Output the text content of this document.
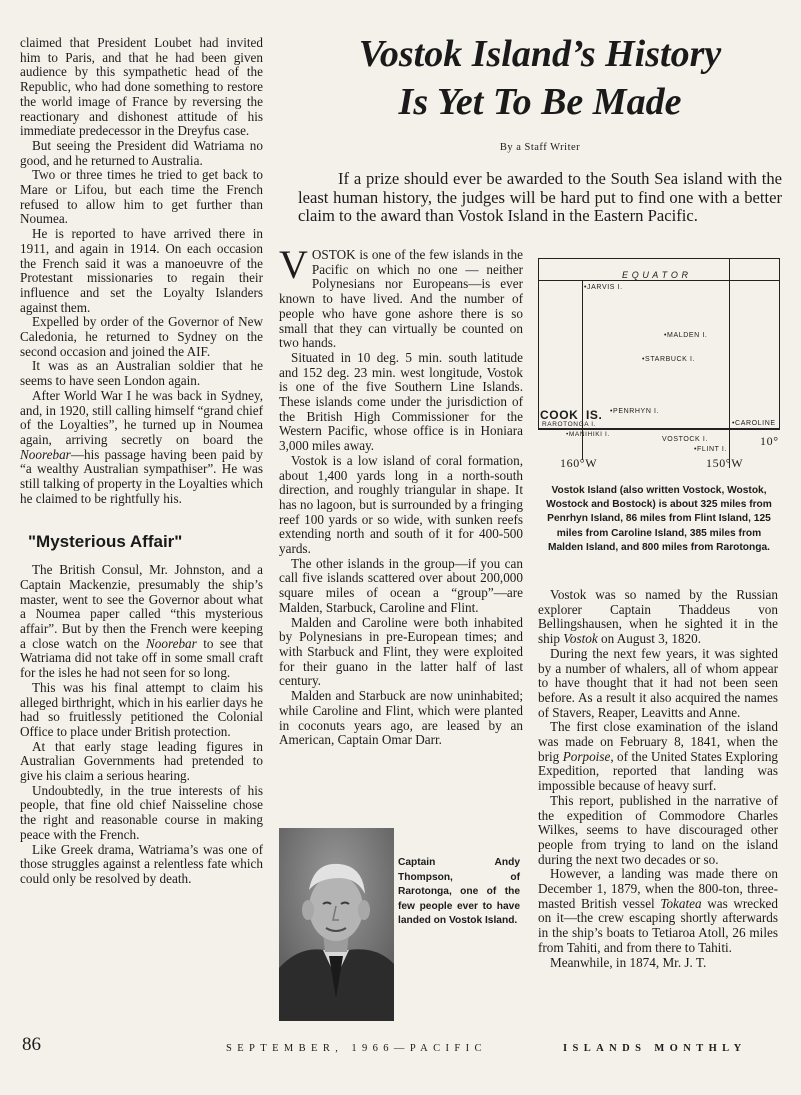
claimed that President Loubet had invited him to Paris, and that he had been given audience by this sympathetic head of the Republic, who had done something to restore the world image of France by reversing the reactionary and dishonest attitude of his immediate predecessor in the Dreyfus case.

But seeing the President did Watriama no good, and he returned to Australia.

Two or three times he tried to get back to Mare or Lifou, but each time the French refused to allow him to get further than Noumea.

He is reported to have arrived there in 1911, and again in 1914. On each occasion the French said it was a manoeuvre of the Protestant missionaries to regain their influence and set the Loyalty Islanders against them.

Expelled by order of the Governor of New Caledonia, he returned to Sydney on the second occasion and joined the AIF.

It was as an Australian soldier that he seems to have seen London again.

After World War I he was back in Sydney, and, in 1920, still calling himself “grand chief of the Loyalties”, he turned up in Noumea again, arriving secretly on board the Noorebar—his passage having been paid by “a wealthy Australian sympathiser”. He was still talking of property in the Loyalties which he claimed to be rightfully his.

"Mysterious Affair"

The British Consul, Mr. Johnston, and a Captain Mackenzie, presumably the ship’s master, went to see the Governor about what a Noumea paper called “this mysterious affair”. But by then the French were keeping a close watch on the Noorebar to see that Watriama did not take off in some small craft for the isles he had not seen for so long.

This was his final attempt to claim his alleged birthright, which in his earlier days he had so fruitlessly petitioned the Colonial Office to place under British protection.

At that early stage leading figures in Australian Governments had pretended to give his claim a serious hearing.

Undoubtedly, in the true interests of his people, that fine old chief Naisseline chose the right and reasonable course in making peace with the French.

Like Greek drama, Watriama’s was one of those struggles against a relentless fate which could only be resolved by death.

Vostok Island’s History
Is Yet To Be Made
By a Staff Writer

If a prize should ever be awarded to the South Sea island with the least human history, the judges will be hard put to find one with a better claim to the award than Vostok Island in the Eastern Pacific.

VOSTOK is one of the few islands in the Pacific on which no one — neither Polynesians nor Europeans—is ever known to have lived. And the number of people who have gone ashore there is so small that they can virtually be counted on two hands.

Situated in 10 deg. 5 min. south latitude and 152 deg. 23 min. west longitude, Vostok is one of the five Southern Line Islands. These islands come under the jurisdiction of the British High Commissioner for the Western Pacific, whose office is in Honiara 3,000 miles away.

Vostok is a low island of coral formation, about 1,400 yards long in a north-south direction, and roughly triangular in shape. It has no lagoon, but is surrounded by a fringing reef 100 yards or so wide, with sunken reefs extending north and south of it for 400-500 yards.

The other islands in the group—if you can call five islands scattered over about 200,000 square miles of ocean a “group”—are Malden, Starbuck, Caroline and Flint.

Malden and Caroline were both inhabited by Polynesians in pre-European times; and with Starbuck and Flint, they were exploited for their guano in the latter half of last century.

Malden and Starbuck are now uninhabited; while Caroline and Flint, which were planted in coconuts years ago, are leased by an American, Captain Omar Darr.

E Q U A T O R
•JARVIS I.
•MALDEN I.
•STARBUCK I.
COOK IS. •PENRHYN I.
RAROTONGA I.	•CAROLINE
•MANIHIKI I.
VOSTOCK I.
•FLINT I.
10°
160°W	150°W

Vostok Island (also written Vostock, Wostok, Wostock and Bostock) is about 325 miles from Penrhyn Island, 86 miles from Flint Island, 125 miles from Caroline Island, 385 miles from Malden Island, and 800 miles from Rarotonga.

Vostok was so named by the Russian explorer Captain Thaddeus von Bellingshausen, when he sighted it in the ship Vostok on August 3, 1820.

During the next few years, it was sighted by a number of whalers, all of whom appear to have thought that it had not been seen before. As a result it also acquired the names of Stavers, Reaper, Leavitts and Anne.

The first close examination of the island was made on February 8, 1841, when the brig Porpoise, of the United States Exploring Expedition, reported that landing was impossible because of heavy surf.

This report, published in the narrative of the expedition of Commodore Charles Wilkes, seems to have discouraged other people from trying to land on the island during the next two decades or so.

However, a landing was made there on December 1, 1879, when the 800-ton, three-masted British vessel Tokatea was wrecked on it—the crew escaping shortly afterwards in the ship’s boats to Tetiaroa Atoll, 26 miles from Tahiti, and from there to Tahiti.

Meanwhile, in 1874, Mr. J. T.

Captain Andy Thompson, of Rarotonga, one of the few people ever to have landed on Vostok Island.

86	SEPTEMBER, 1966—PACIFIC	ISLANDS MONTHLY
